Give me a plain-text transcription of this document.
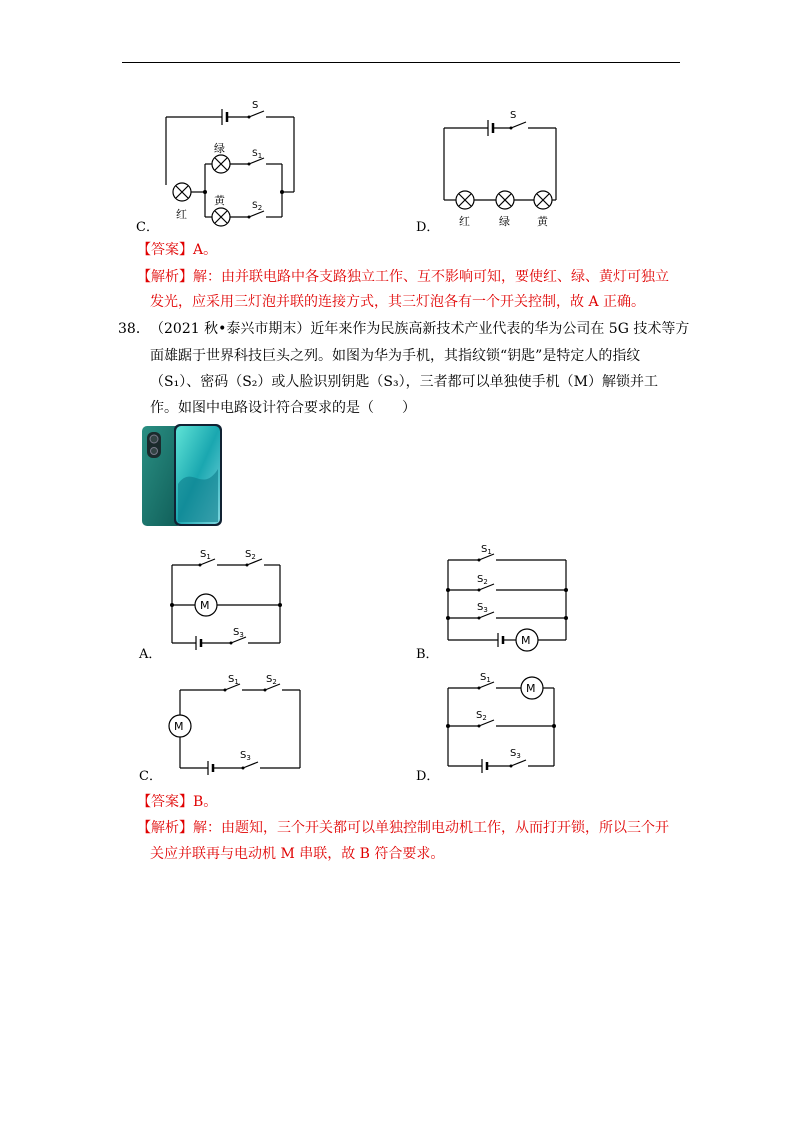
S
红
绿	$S_1$
黄	$S_2$
C．
S
红	绿 黄
D．
【答案】A。
【解析】解：由并联电路中各支路独立工作、互不影响可知，要使红、绿、黄灯可独立
发光，应采用三灯泡并联的连接方式，其三灯泡各有一个开关控制，故 A 正确。
38． （2021 秋•泰兴市期末）近年来作为民族高新技术产业代表的华为公司在 5G 技术等方
面雄踞于世界科技巨头之列。如图为华为手机，其指纹锁“钥匙”是特定人的指纹
（S₁）、密码（S₂）或人脸识别钥匙（S₃），三者都可以单独使手机（M）解锁并工
作。如图中电路设计符合要求的是（　　）
$S_1$	$S_2$
M
$S_3$
A．
$S_1$
$S_2$
$S_3$
M
B．
$S_1$	$S_2$
M
$S_3$
C．
$S_1$
M
$S_2$
$S_3$
D．
【答案】B。
【解析】解：由题知，三个开关都可以单独控制电动机工作，从而打开锁，所以三个开
关应并联再与电动机 M 串联，故 B 符合要求。
